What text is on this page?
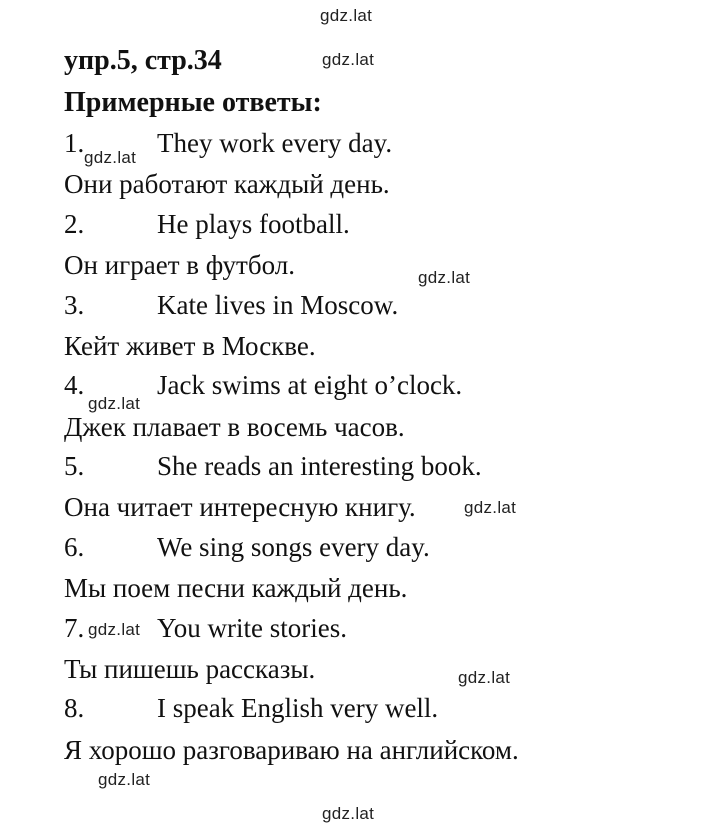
упр.5, стр.34
Примерные ответы:
1.	They work every day.
Они работают каждый день.
2.	He plays football.
Он играет в футбол.
3.	Kate lives in Moscow.
Кейт живет в Москве.
4.	Jack swims at eight o’clock.
Джек плавает в восемь часов.
5.	She reads an interesting book.
Она читает интересную книгу.
6.	We sing songs every day.
Мы поем песни каждый день.
7.	You write stories.
Ты пишешь рассказы.
8.	I speak English very well.
Я хорошо разговариваю на английском.
gdz.lat
gdz.lat
gdz.lat
gdz.lat
gdz.lat
gdz.lat
gdz.lat
gdz.lat
gdz.lat
gdz.lat
